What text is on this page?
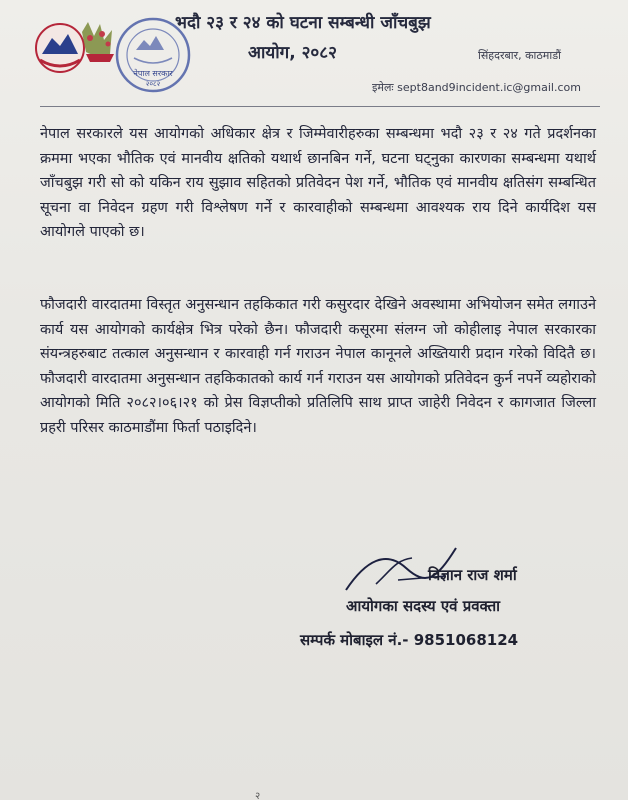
नेपाल सरकार
२०८२
भदौ २३ र २४ को घटना सम्बन्धी जाँचबुझ
आयोग, २०८२	सिंहदरबार, काठमाडौं
इमेलः sept8and9incident.ic@gmail.com
नेपाल सरकारले यस आयोगको अधिकार क्षेत्र र जिम्मेवारीहरुका सम्बन्धमा भदौ २३ र २४ गते प्रदर्शनका क्रममा भएका भौतिक एवं मानवीय क्षतिको यथार्थ छानबिन गर्ने, घटना घट्नुका कारणका सम्बन्धमा यथार्थ जाँचबुझ गरी सो को यकिन राय सुझाव सहितको प्रतिवेदन पेश गर्ने, भौतिक एवं मानवीय क्षतिसंग सम्बन्धित सूचना वा निवेदन ग्रहण गरी विश्लेषण गर्ने र कारवाहीको सम्बन्धमा आवश्यक राय दिने कार्यदिश यस आयोगले पाएको छ।
फौजदारी वारदातमा विस्तृत अनुसन्धान तहकिकात गरी कसुरदार देखिने अवस्थामा अभियोजन समेत लगाउने कार्य यस आयोगको कार्यक्षेत्र भित्र परेको छैन। फौजदारी कसूरमा संलग्न जो कोहीलाइ नेपाल सरकारका संयन्त्रहरुबाट तत्काल अनुसन्धान र कारवाही गर्न गराउन नेपाल कानूनले अख्तियारी प्रदान गरेको विदितै छ। फौजदारी वारदातमा अनुसन्धान तहकिकातको कार्य गर्न गराउन यस आयोगको प्रतिवेदन कुर्न नपर्ने व्यहोराको आयोगको मिति २०८२।०६।२१ को प्रेस विज्ञप्तीको प्रतिलिपि साथ प्राप्त जाहेरी निवेदन र कागजात जिल्ला प्रहरी परिसर काठमाडौंमा फिर्ता पठाइदिने।
विज्ञान राज शर्मा
आयोगका सदस्य एवं प्रवक्ता
सम्पर्क मोबाइल नं.- 9851068124
२
